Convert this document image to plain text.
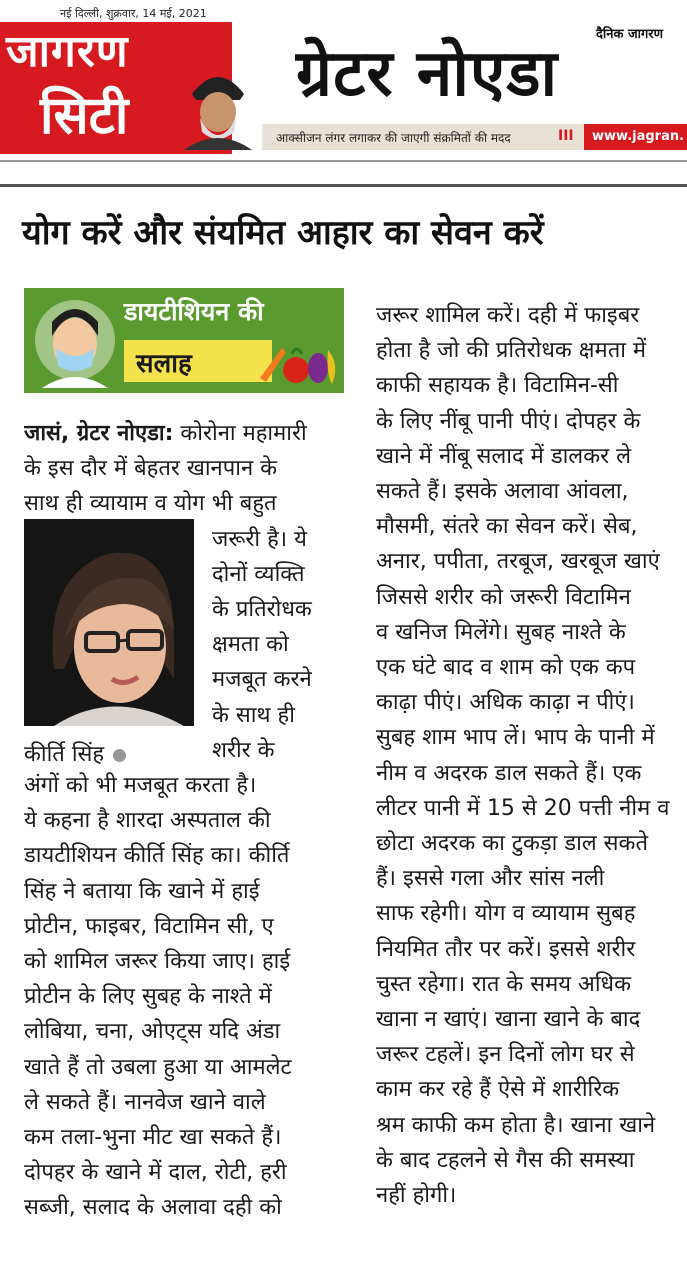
नई दिल्ली, शुक्रवार, 14 मई, 2021
जागरण
सिटी
दैनिक जागरण
ग्रेटर नोएडा
आक्सीजन लंगर लगाकर की जाएगी संक्रमितों की मदद	III	www.jagran.
योग करें और संयमित आहार का सेवन करें
डायटीशियन की
सलाह
कीर्ति सिंह
जासं, ग्रेटर नोएडा: कोरोना महामारी
के इस दौर में बेहतर खानपान के
साथ ही व्यायाम व योग भी बहुत
जरूरी है। ये
दोनों व्यक्ति
के प्रतिरोधक
क्षमता को
मजबूत करने
के साथ ही
शरीर के
अंगों को भी मजबूत करता है।
ये कहना है शारदा अस्पताल की
डायटीशियन कीर्ति सिंह का। कीर्ति
सिंह ने बताया कि खाने में हाई
प्रोटीन, फाइबर, विटामिन सी, ए
को शामिल जरूर किया जाए। हाई
प्रोटीन के लिए सुबह के नाश्ते में
लोबिया, चना, ओएट्स यदि अंडा
खाते हैं तो उबला हुआ या आमलेट
ले सकते हैं। नानवेज खाने वाले
कम तला-भुना मीट खा सकते हैं।
दोपहर के खाने में दाल, रोटी, हरी
सब्जी, सलाद के अलावा दही को
जरूर शामिल करें। दही में फाइबर
होता है जो की प्रतिरोधक क्षमता में
काफी सहायक है। विटामिन-सी
के लिए नींबू पानी पीएं। दोपहर के
खाने में नींबू सलाद में डालकर ले
सकते हैं। इसके अलावा आंवला,
मौसमी, संतरे का सेवन करें। सेब,
अनार, पपीता, तरबूज, खरबूज खाएं
जिससे शरीर को जरूरी विटामिन
व खनिज मिलेंगे। सुबह नाश्ते के
एक घंटे बाद व शाम को एक कप
काढ़ा पीएं। अधिक काढ़ा न पीएं।
सुबह शाम भाप लें। भाप के पानी में
नीम व अदरक डाल सकते हैं। एक
लीटर पानी में 15 से 20 पत्ती नीम व
छोटा अदरक का टुकड़ा डाल सकते
हैं। इससे गला और सांस नली
साफ रहेगी। योग व व्यायाम सुबह
नियमित तौर पर करें। इससे शरीर
चुस्त रहेगा। रात के समय अधिक
खाना न खाएं। खाना खाने के बाद
जरूर टहलें। इन दिनों लोग घर से
काम कर रहे हैं ऐसे में शारीरिक
श्रम काफी कम होता है। खाना खाने
के बाद टहलने से गैस की समस्या
नहीं होगी।
